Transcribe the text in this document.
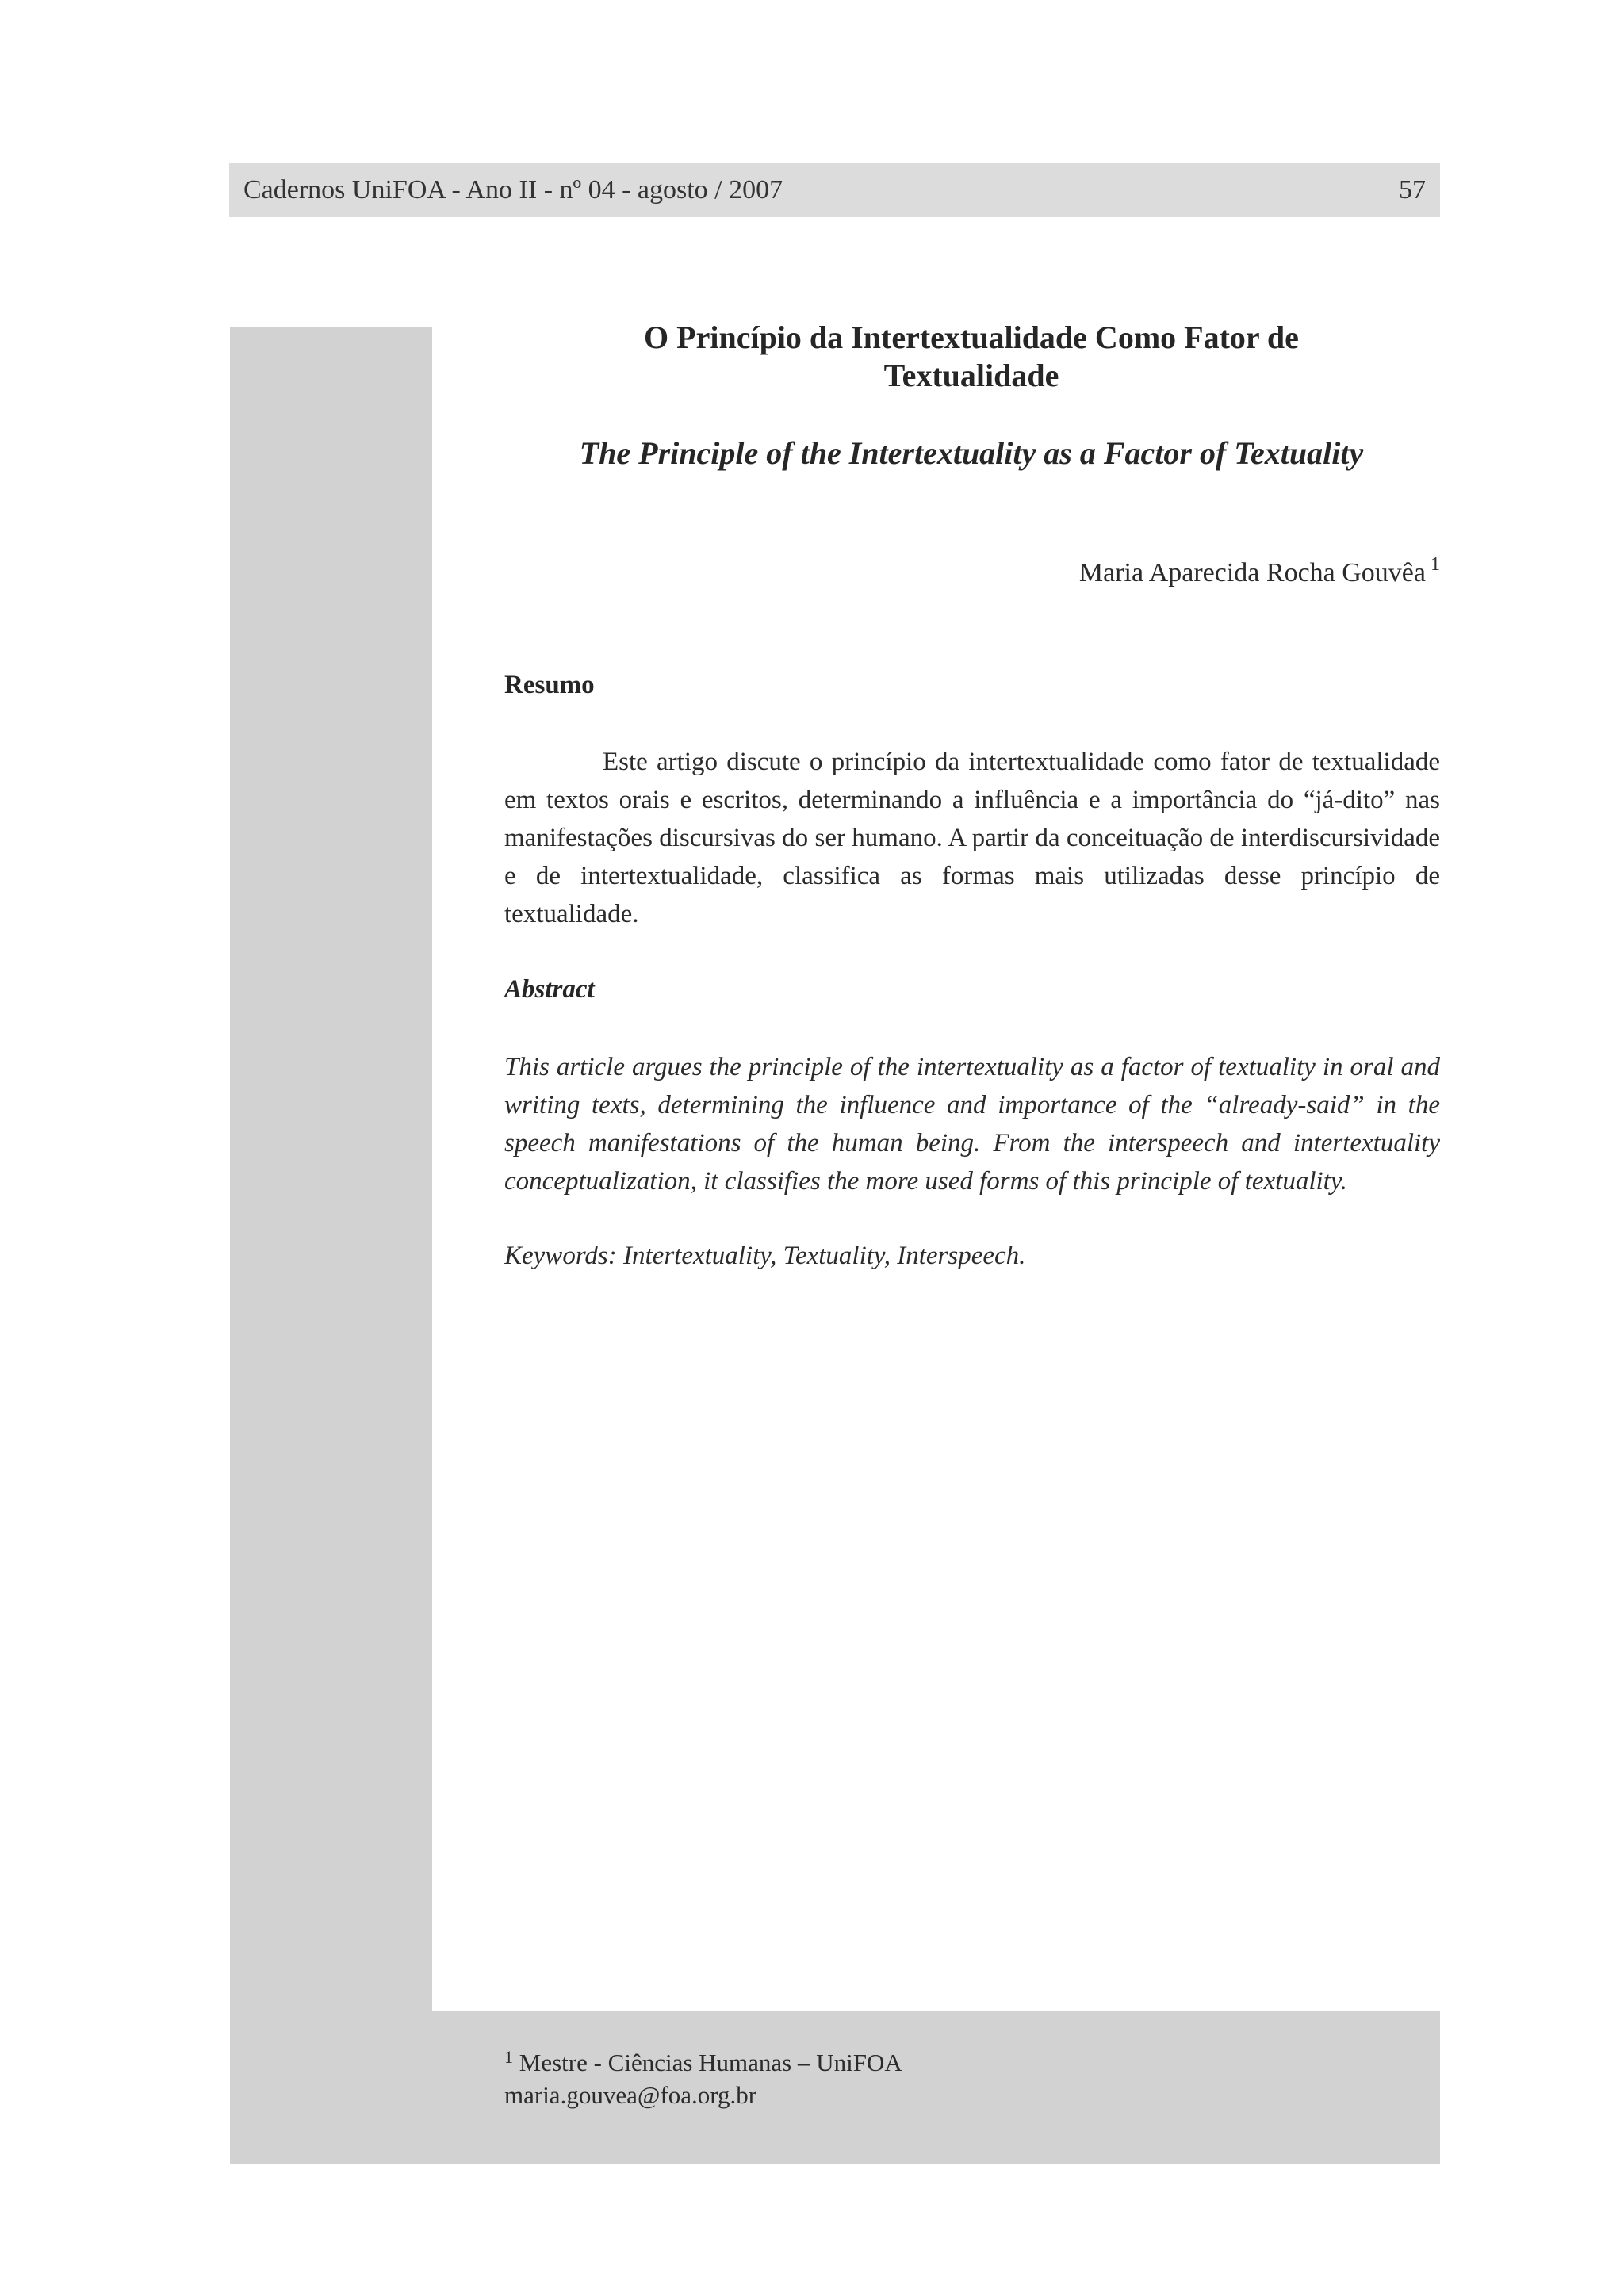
Cadernos UniFOA - Ano II - nº 04 - agosto / 2007	57
O Princípio da Intertextualidade Como Fator de
Textualidade
The Principle of the Intertextuality as a Factor of Textuality
Maria Aparecida Rocha Gouvêa $^1$
Resumo

Este artigo discute o princípio da intertextualidade como fator de textualidade em textos orais e escritos, determinando a influência e a importância do “já-dito” nas manifestações discursivas do ser humano. A partir da conceituação de interdiscursividade e de intertextualidade, classifica as formas mais utilizadas desse princípio de textualidade.

Abstract

This article argues the principle of the intertextuality as a factor of textuality in oral and writing texts, determining the influence and importance of the “already-said” in the speech manifestations of the human being. From the interspeech and intertextuality conceptualization, it classifies the more used forms of this principle of textuality.

Keywords: Intertextuality, Textuality, Interspeech.
$^1$ Mestre - Ciências Humanas – UniFOA
maria.gouvea@foa.org.br
